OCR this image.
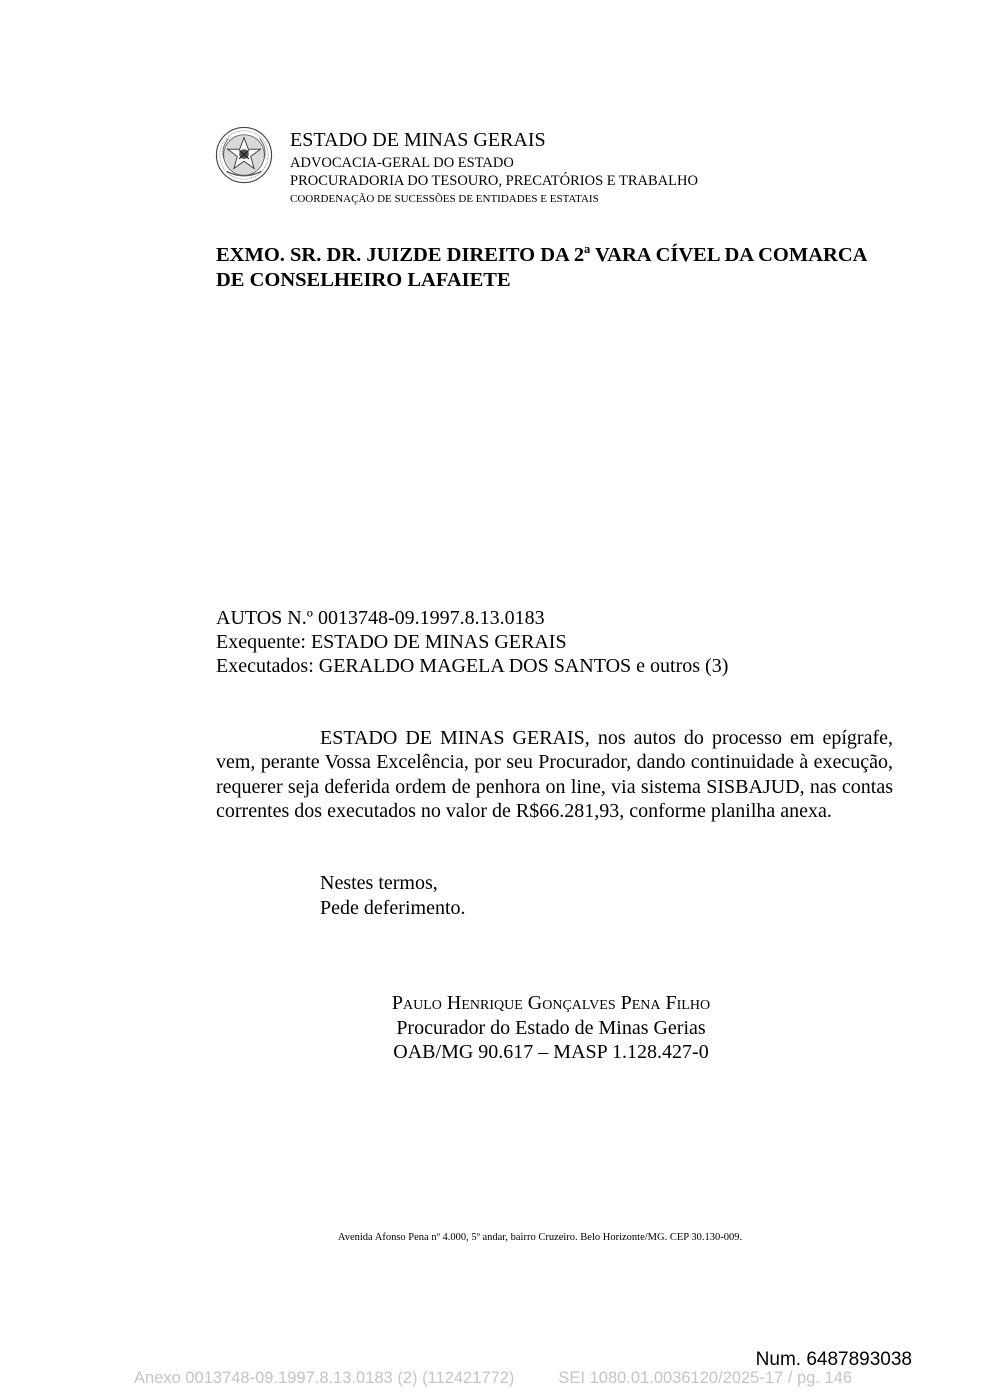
ESTADO DE MINAS GERAIS
ADVOCACIA-GERAL DO ESTADO
PROCURADORIA DO TESOURO, PRECATÓRIOS E TRABALHO
COORDENAÇÃO DE SUCESSÕES DE ENTIDADES E ESTATAIS
EXMO. SR. DR. JUIZDE DIREITO DA 2ª VARA CÍVEL DA COMARCA
DE CONSELHEIRO LAFAIETE
AUTOS N.º 0013748-09.1997.8.13.0183
Exequente: ESTADO DE MINAS GERAIS
Executados: GERALDO MAGELA DOS SANTOS e outros (3)
ESTADO DE MINAS GERAIS, nos autos do processo em epígrafe, vem, perante Vossa Excelência, por seu Procurador, dando continuidade à execução, requerer seja deferida ordem de penhora on line, via sistema SISBAJUD, nas contas correntes dos executados no valor de R$66.281,93, conforme planilha anexa.
Nestes termos,
Pede deferimento.
Paulo Henrique Gonçalves Pena Filho
Procurador do Estado de Minas Gerias
OAB/MG 90.617 – MASP 1.128.427-0
Avenida Afonso Pena nº 4.000, 5º andar, bairro Cruzeiro. Belo Horizonte/MG. CEP 30.130-009.
Num. 6487893038
Anexo 0013748-09.1997.8.13.0183 (2) (112421772)	SEI 1080.01.0036120/2025-17 / pg. 146
